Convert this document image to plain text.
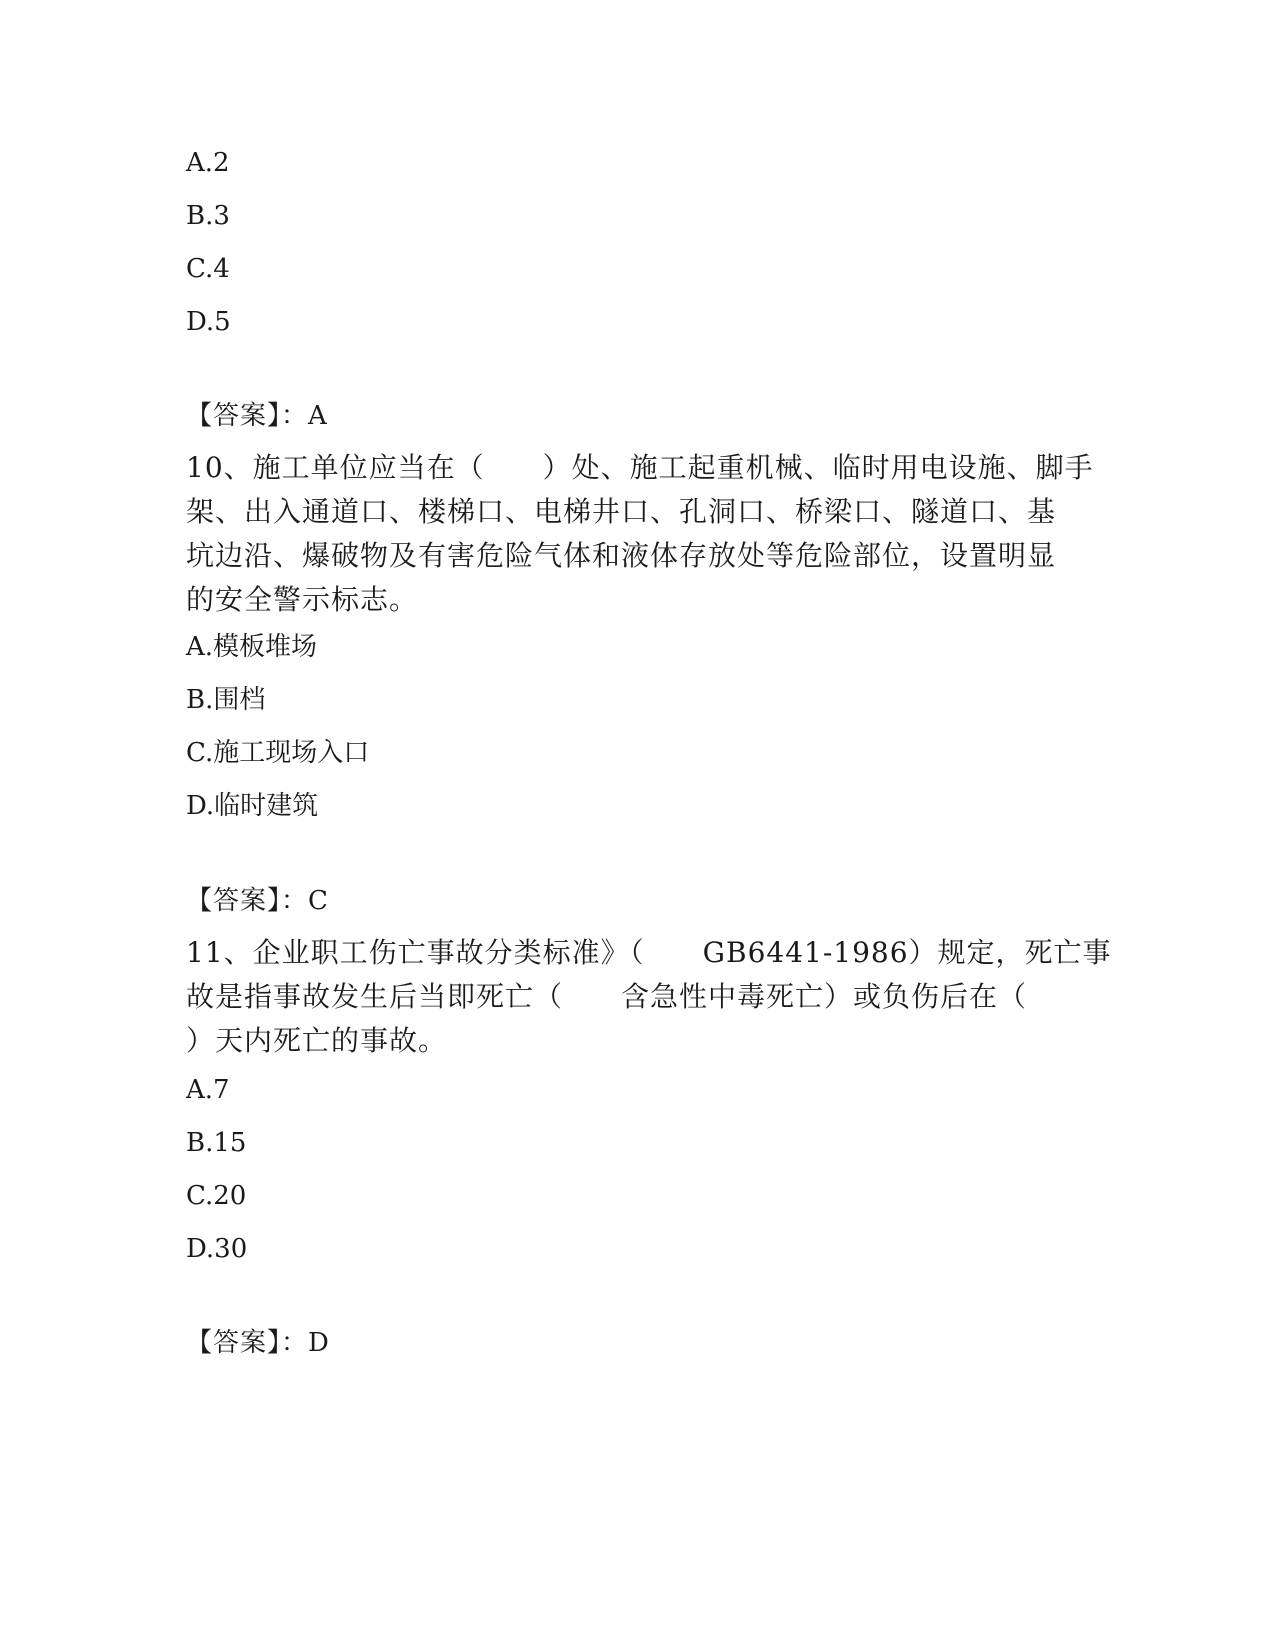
A.2
B.3
C.4
D.5
【答案】：A
10、施工单位应当在（　　）处、施工起重机械、临时用电设施、脚手
架、出入通道口、楼梯口、电梯井口、孔洞口、桥梁口、隧道口、基
坑边沿、爆破物及有害危险气体和液体存放处等危险部位，设置明显
的安全警示标志。
A.模板堆场
B.围档
C.施工现场入口
D.临时建筑
【答案】：C
11、企业职工伤亡事故分类标准》（　　GB6441-1986）规定，死亡事
故是指事故发生后当即死亡（　　含急性中毒死亡）或负伤后在（
）天内死亡的事故。
A.7
B.15
C.20
D.30
【答案】：D
